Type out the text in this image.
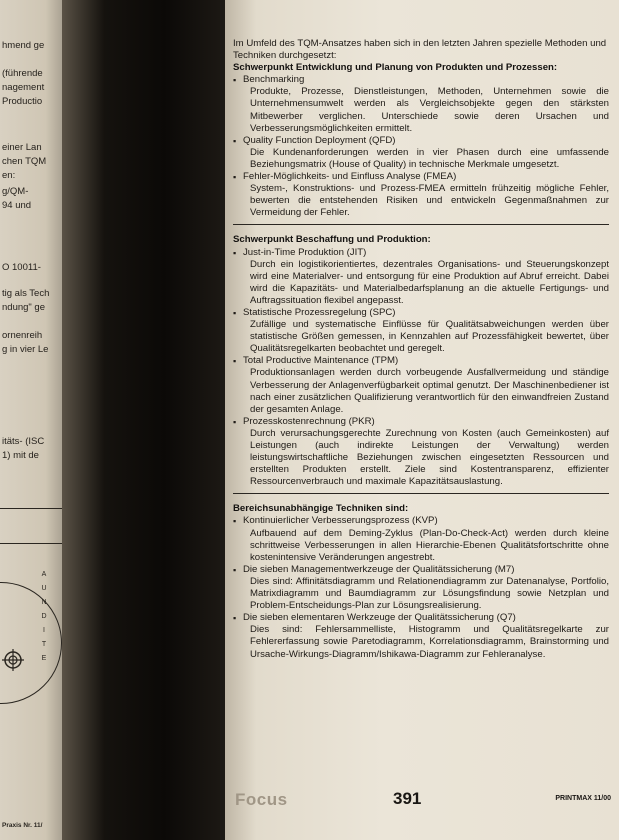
hmend ge
(führende
nagement
Productio
einer Lan
chen TQM
en:
g/QM-
94 und
O 10011-
tig als Tech
ndung" ge
ornenreih
g in vier Le
itäts- (ISC
1) mit de
A
U
N
D
I
T
E
Praxis Nr. 11/

Im Umfeld des TQM-Ansatzes haben sich in den letzten Jahren spezielle Methoden und Techniken durchgesetzt:

Schwerpunkt Entwicklung und Planung von Produkten und Prozessen:

▪ Benchmarking

Produkte, Prozesse, Dienstleistungen, Methoden, Unternehmen sowie die Unternehmensumwelt werden als Vergleichsobjekte gegen den stärksten Mitbewerber verglichen. Unterschiede sowie deren Ursachen und Verbesserungsmöglichkeiten ermittelt.

▪ Quality Function Deployment (QFD)

Die Kundenanforderungen werden in vier Phasen durch eine umfassende Beziehungsmatrix (House of Quality) in technische Merkmale umgesetzt.

▪ Fehler-Möglichkeits- und Einfluss Analyse (FMEA)

System-, Konstruktions- und Prozess-FMEA ermitteln frühzeitig mögliche Fehler, bewerten die entstehenden Risiken und entwickeln Gegenmaßnahmen zur Vermeidung der Fehler.

Schwerpunkt Beschaffung und Produktion:

▪ Just-in-Time Produktion (JIT)

Durch ein logistikorientiertes, dezentrales Organisations- und Steuerungskonzept wird eine Materialver- und entsorgung für eine Produktion auf Abruf erreicht. Dabei wird die Kapazitäts- und Materialbedarfsplanung an die aktuelle Fertigungs- und Auftragssituation flexibel angepasst.

▪ Statistische Prozessregelung (SPC)

Zufällige und systematische Einflüsse für Qualitätsabweichungen werden über statistische Größen gemessen, in Kennzahlen auf Prozessfähigkeit bewertet, über Qualitätsregelkarten beobachtet und geregelt.

▪ Total Productive Maintenance (TPM)

Produktionsanlagen werden durch vorbeugende Ausfallvermeidung und ständige Verbesserung der Anlagenverfügbarkeit optimal genutzt. Der Maschinenbediener ist nach einer zusätzlichen Qualifizierung verantwortlich für den einwandfreien Zustand der gesamten Anlage.

▪ Prozesskostenrechnung (PKR)

Durch verursachungsgerechte Zurechnung von Kosten (auch Gemeinkosten) auf Leistungen (auch indirekte Leistungen der Verwaltung) werden leistungswirtschaftliche Beziehungen zwischen eingesetzten Ressourcen und erstellten Produkten erstellt. Ziele sind Kostentransparenz, effizienter Ressourcenverbrauch und maximale Kapazitätsauslastung.

Bereichsunabhängige Techniken sind:

▪ Kontinuierlicher Verbesserungsprozess (KVP)

Aufbauend auf dem Deming-Zyklus (Plan-Do-Check-Act) werden durch kleine schrittweise Verbesserungen in allen Hierarchie-Ebenen Qualitätsfortschritte ohne kostenintensive Veränderungen angestrebt.

▪ Die sieben Managementwerkzeuge der Qualitätssicherung (M7)

Dies sind: Affinitätsdiagramm und Relationendiagramm zur Datenanalyse, Portfolio, Matrixdiagramm und Baumdiagramm zur Lösungsfindung sowie Netzplan und Problem-Entscheidungs-Plan zur Lösungsrealisierung.

▪ Die sieben elementaren Werkzeuge der Qualitätssicherung (Q7)

Dies sind: Fehlersammelliste, Histogramm und Qualitätsregelkarte zur Fehlererfassung sowie Paretodiagramm, Korrelationsdiagramm, Brainstorming und Ursache-Wirkungs-Diagramm/Ishikawa-Diagramm zur Fehleranalyse.

Focus	391	PRINTMAX 11/00
